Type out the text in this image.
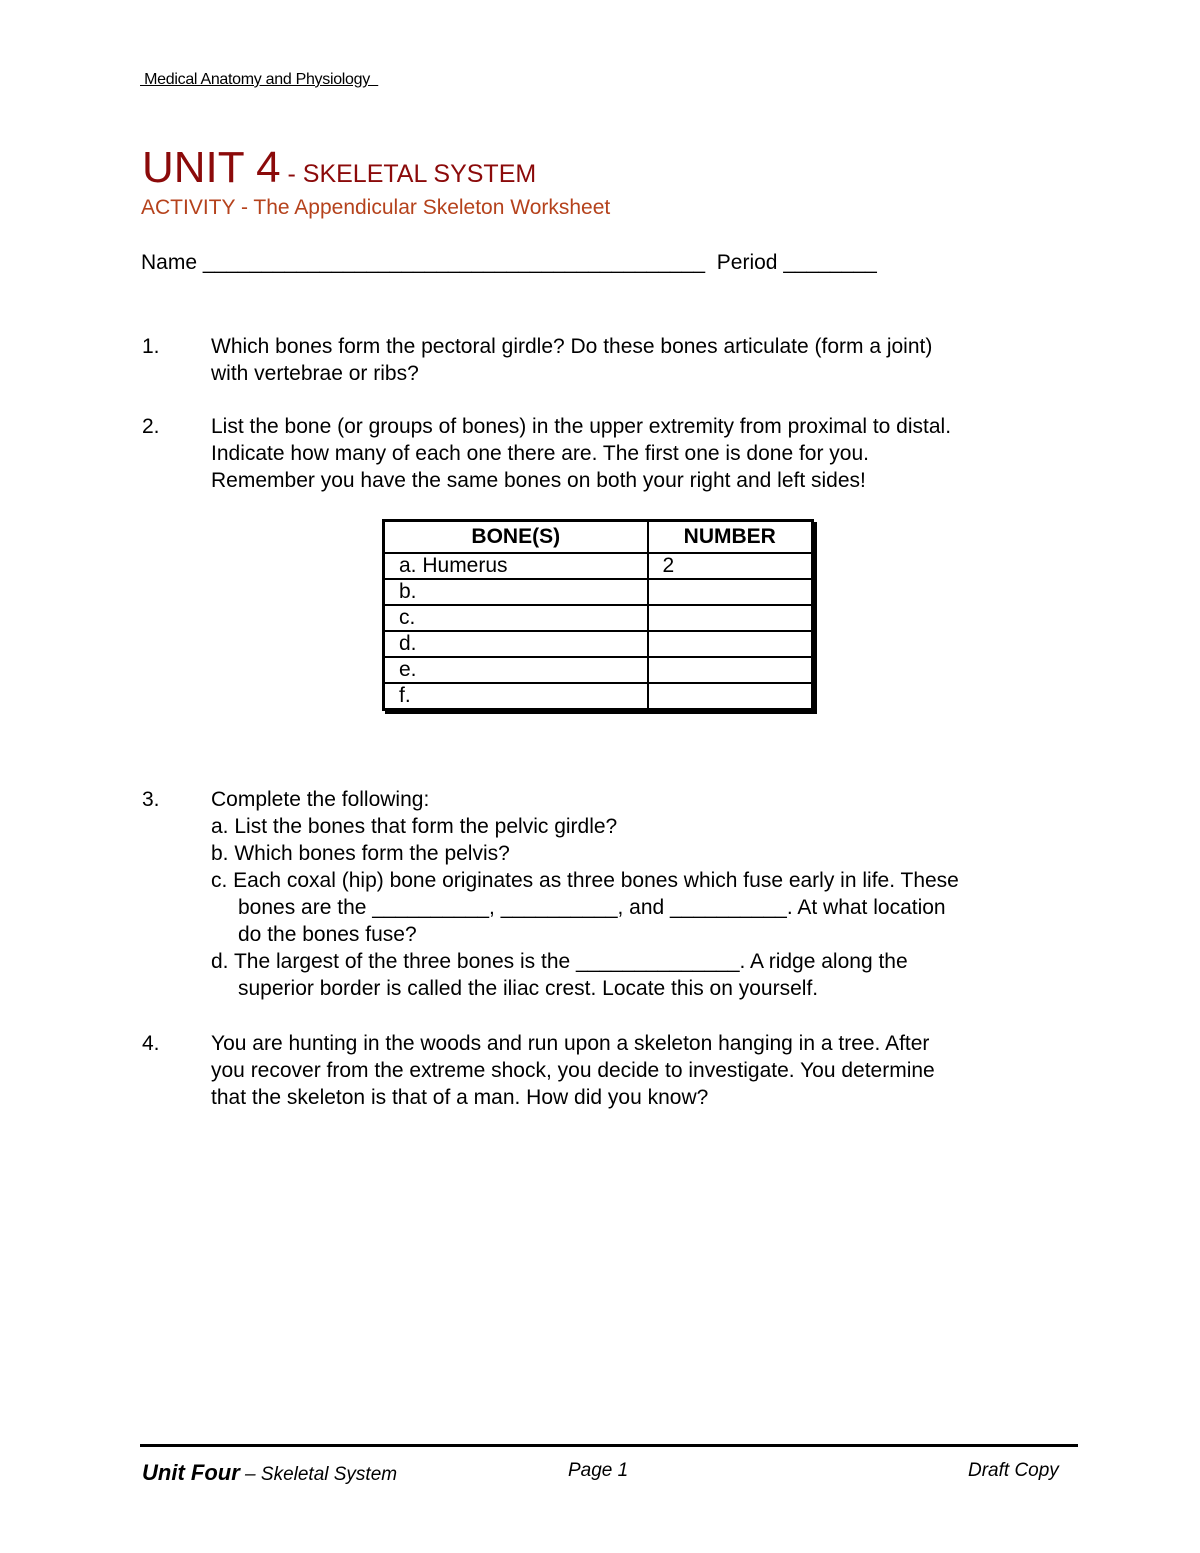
Medical Anatomy and Physiology
UNIT 4 - SKELETAL SYSTEM
ACTIVITY - The Appendicular Skeleton Worksheet
Name ___________________________________________ Period ________
1. Which bones form the pectoral girdle? Do these bones articulate (form a joint)

with vertebrae or ribs?

2. List the bone (or groups of bones) in the upper extremity from proximal to distal.

Indicate how many of each one there are. The first one is done for you.

Remember you have the same bones on both your right and left sides!

BONE(S)	NUMBER
a. Humerus	2
b.	
c.	
d.	
e.	
f.	
3. Complete the following:

a. List the bones that form the pelvic girdle?

b. Which bones form the pelvis?

c. Each coxal (hip) bone originates as three bones which fuse early in life. These

bones are the __________, __________, and __________. At what location

do the bones fuse?

d. The largest of the three bones is the ______________. A ridge along the

superior border is called the iliac crest. Locate this on yourself.

4. You are hunting in the woods and run upon a skeleton hanging in a tree. After

you recover from the extreme shock, you decide to investigate. You determine

that the skeleton is that of a man. How did you know?

Unit Four – Skeletal System	Page 1	Draft Copy
